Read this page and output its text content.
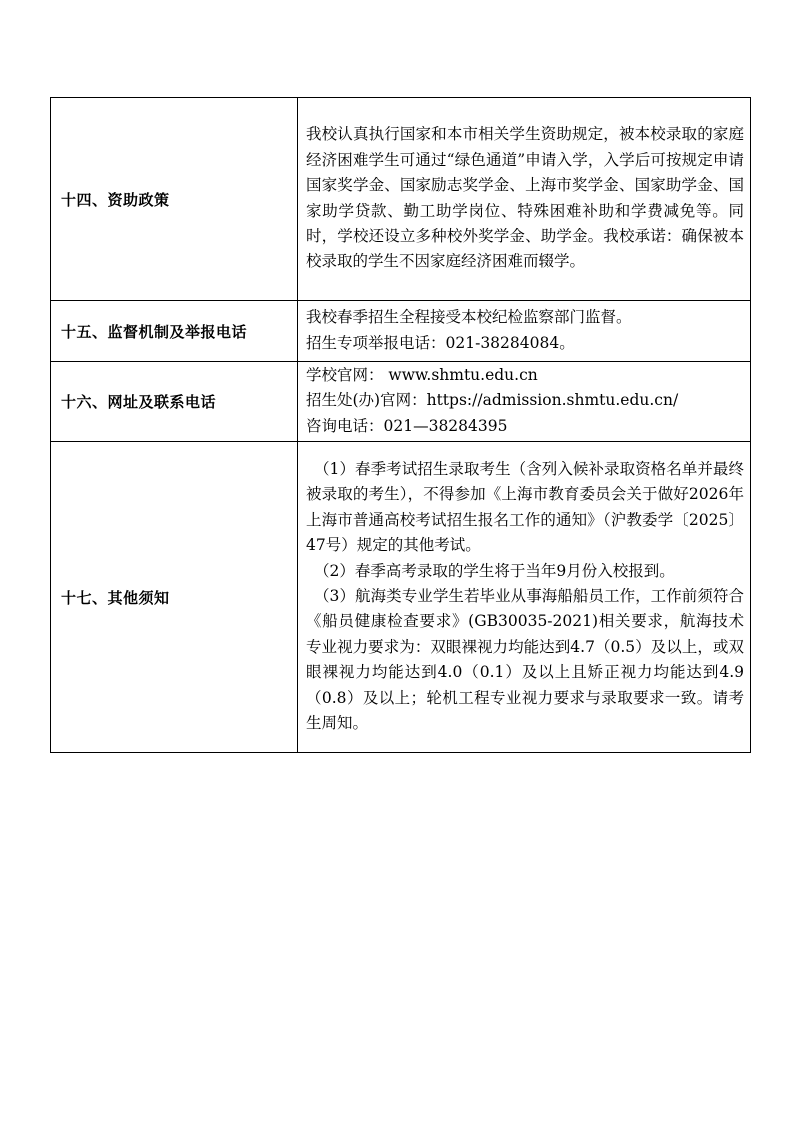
十四、资助政策	我校认真执行国家和本市相关学生资助规定，被本校录取的家庭经济困难学生可通过“绿色通道”申请入学，入学后可按规定申请国家奖学金、国家励志奖学金、上海市奖学金、国家助学金、国家助学贷款、勤工助学岗位、特殊困难补助和学费减免等。同时，学校还设立多种校外奖学金、助学金。我校承诺：确保被本校录取的学生不因家庭经济困难而辍学。

十五、监督机制及举报电话	我校春季招生全程接受本校纪检监察部门监督。
招生专项举报电话：021-38284084。

十六、网址及联系电话	学校官网： www.shmtu.edu.cn
招生处(办)官网：https://admission.shmtu.edu.cn/
咨询电话：021—38284395

十七、其他须知	（1）春季考试招生录取考生（含列入候补录取资格名单并最终被录取的考生），不得参加《上海市教育委员会关于做好2026年上海市普通高校考试招生报名工作的通知》（沪教委学〔2025〕47号）规定的其他考试。
（2）春季高考录取的学生将于当年9月份入校报到。
（3）航海类专业学生若毕业从事海船船员工作，工作前须符合《船员健康检查要求》(GB30035-2021)相关要求，航海技术专业视力要求为：双眼裸视力均能达到4.7（0.5）及以上，或双眼裸视力均能达到4.0（0.1）及以上且矫正视力均能达到4.9（0.8）及以上；轮机工程专业视力要求与录取要求一致。请考生周知。
